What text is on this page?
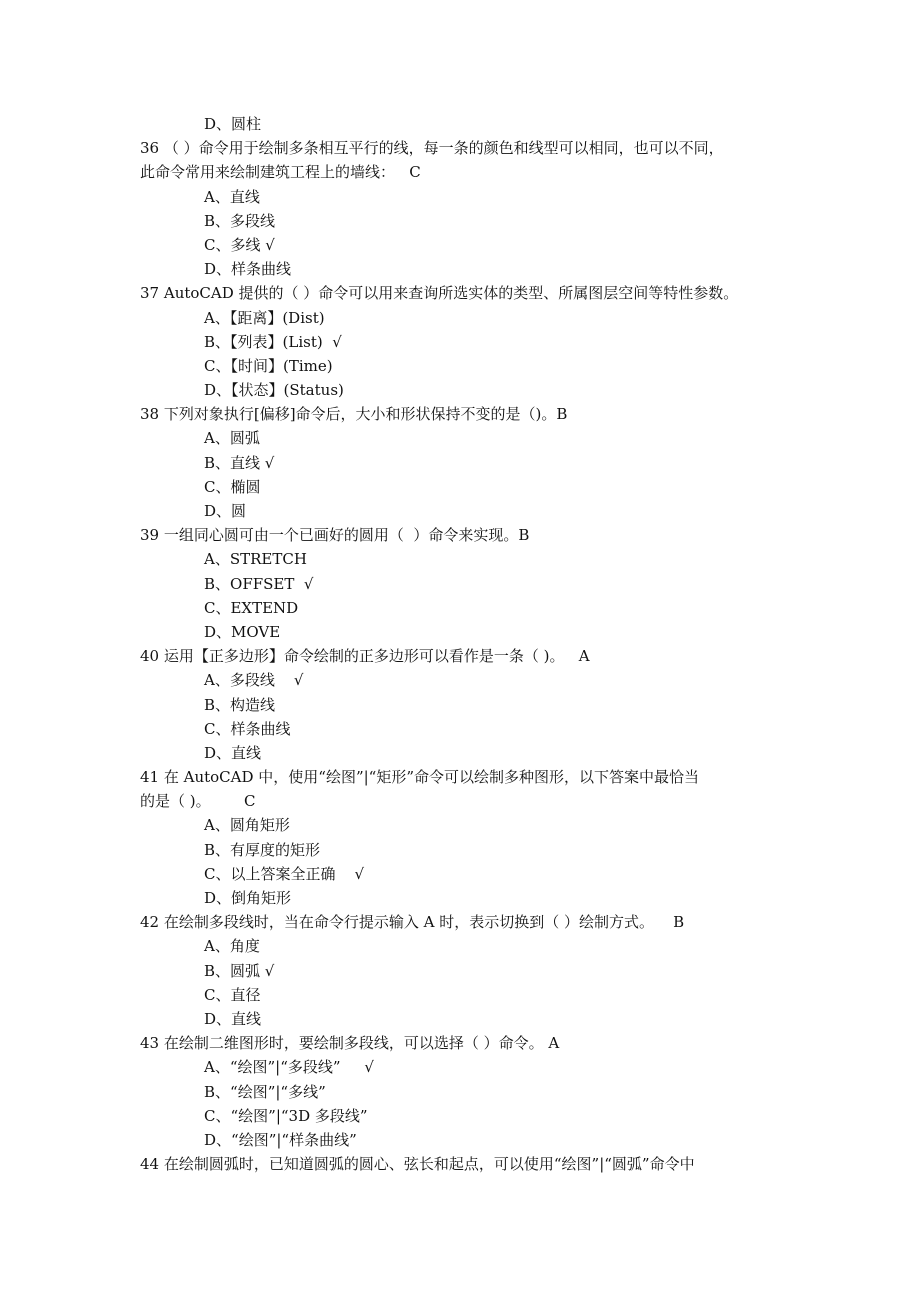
D、圆柱
36 （ ）命令用于绘制多条相互平行的线，每一条的颜色和线型可以相同，也可以不同，
此命令常用来绘制建筑工程上的墙线：   C
A、直线
B、多段线
C、多线 √
D、样条曲线
37 AutoCAD 提供的（ ）命令可以用来查询所选实体的类型、所属图层空间等特性参数。
A、【距离】(Dist)
B、【列表】(List)  √
C、【时间】(Time)
D、【状态】(Status)
38 下列对象执行[偏移]命令后，大小和形状保持不变的是（)。B
A、圆弧
B、直线 √
C、椭圆
D、圆
39 一组同心圆可由一个已画好的圆用（  ）命令来实现。B
A、STRETCH
B、OFFSET  √
C、EXTEND
D、MOVE
40 运用【正多边形】命令绘制的正多边形可以看作是一条（ )。   A
A、多段线    √
B、构造线
C、样条曲线
D、直线
41 在 AutoCAD 中，使用“绘图”|“矩形”命令可以绘制多种图形，以下答案中最恰当
的是（ )。       C
A、圆角矩形
B、有厚度的矩形
C、以上答案全正确    √
D、倒角矩形
42 在绘制多段线时，当在命令行提示输入 A 时，表示切换到（ ）绘制方式。    B
A、角度
B、圆弧 √
C、直径
D、直线
43 在绘制二维图形时，要绘制多段线，可以选择（ ）命令。 A
A、“绘图”|“多段线”     √
B、“绘图”|“多线”
C、“绘图”|“3D 多段线”
D、“绘图”|“样条曲线”
44 在绘制圆弧时，已知道圆弧的圆心、弦长和起点，可以使用“绘图”|“圆弧”命令中
